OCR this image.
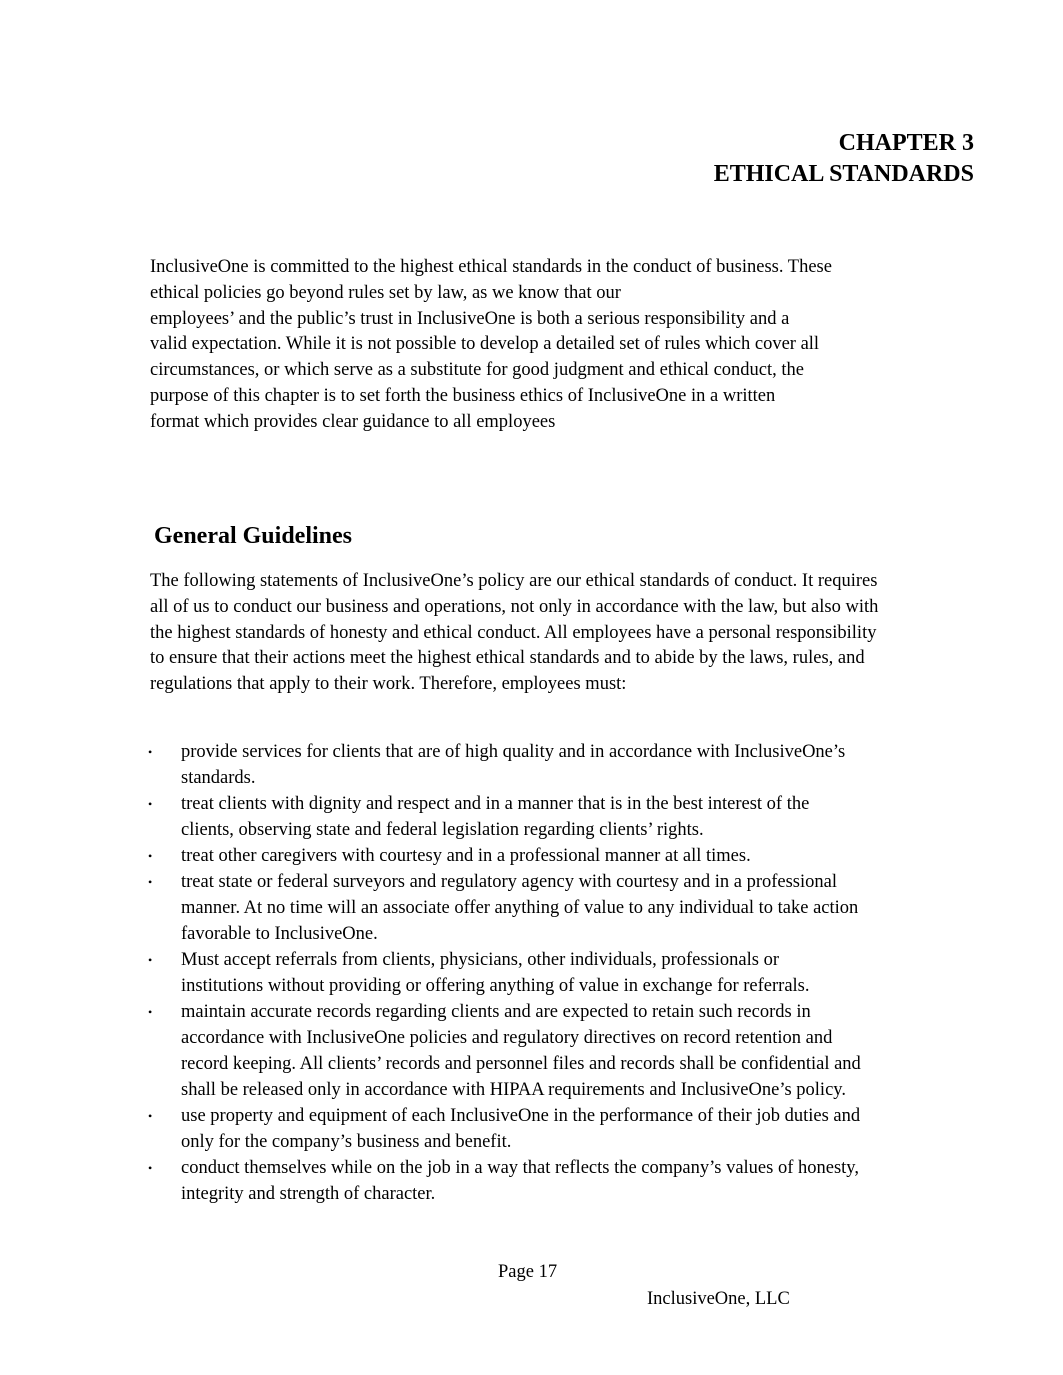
CHAPTER 3
ETHICAL STANDARDS
InclusiveOne is committed to the highest ethical standards in the conduct of business. These
ethical policies go beyond rules set by law, as we know that our
employees’ and the public’s trust in InclusiveOne is both a serious responsibility and a
valid expectation. While it is not possible to develop a detailed set of rules which cover all
circumstances, or which serve as a substitute for good judgment and ethical conduct, the
purpose of this chapter is to set forth the business ethics of InclusiveOne in a written
format which provides clear guidance to all employees
General Guidelines
The following statements of InclusiveOne’s policy are our ethical standards of conduct. It requires
all of us to conduct our business and operations, not only in accordance with the law, but also with
the highest standards of honesty and ethical conduct. All employees have a personal responsibility
to ensure that their actions meet the highest ethical standards and to abide by the laws, rules, and
regulations that apply to their work. Therefore, employees must:
• provide services for clients that are of high quality and in accordance with InclusiveOne’s
standards.
• treat clients with dignity and respect and in a manner that is in the best interest of the
clients, observing state and federal legislation regarding clients’ rights.
• treat other caregivers with courtesy and in a professional manner at all times.
• treat state or federal surveyors and regulatory agency with courtesy and in a professional
manner. At no time will an associate offer anything of value to any individual to take action
favorable to InclusiveOne.
• Must accept referrals from clients, physicians, other individuals, professionals or
institutions without providing or offering anything of value in exchange for referrals.
• maintain accurate records regarding clients and are expected to retain such records in
accordance with InclusiveOne policies and regulatory directives on record retention and
record keeping. All clients’ records and personnel files and records shall be confidential and
shall be released only in accordance with HIPAA requirements and InclusiveOne’s policy.
• use property and equipment of each InclusiveOne in the performance of their job duties and
only for the company’s business and benefit.
• conduct themselves while on the job in a way that reflects the company’s values of honesty,
integrity and strength of character.
Page 17
InclusiveOne, LLC
